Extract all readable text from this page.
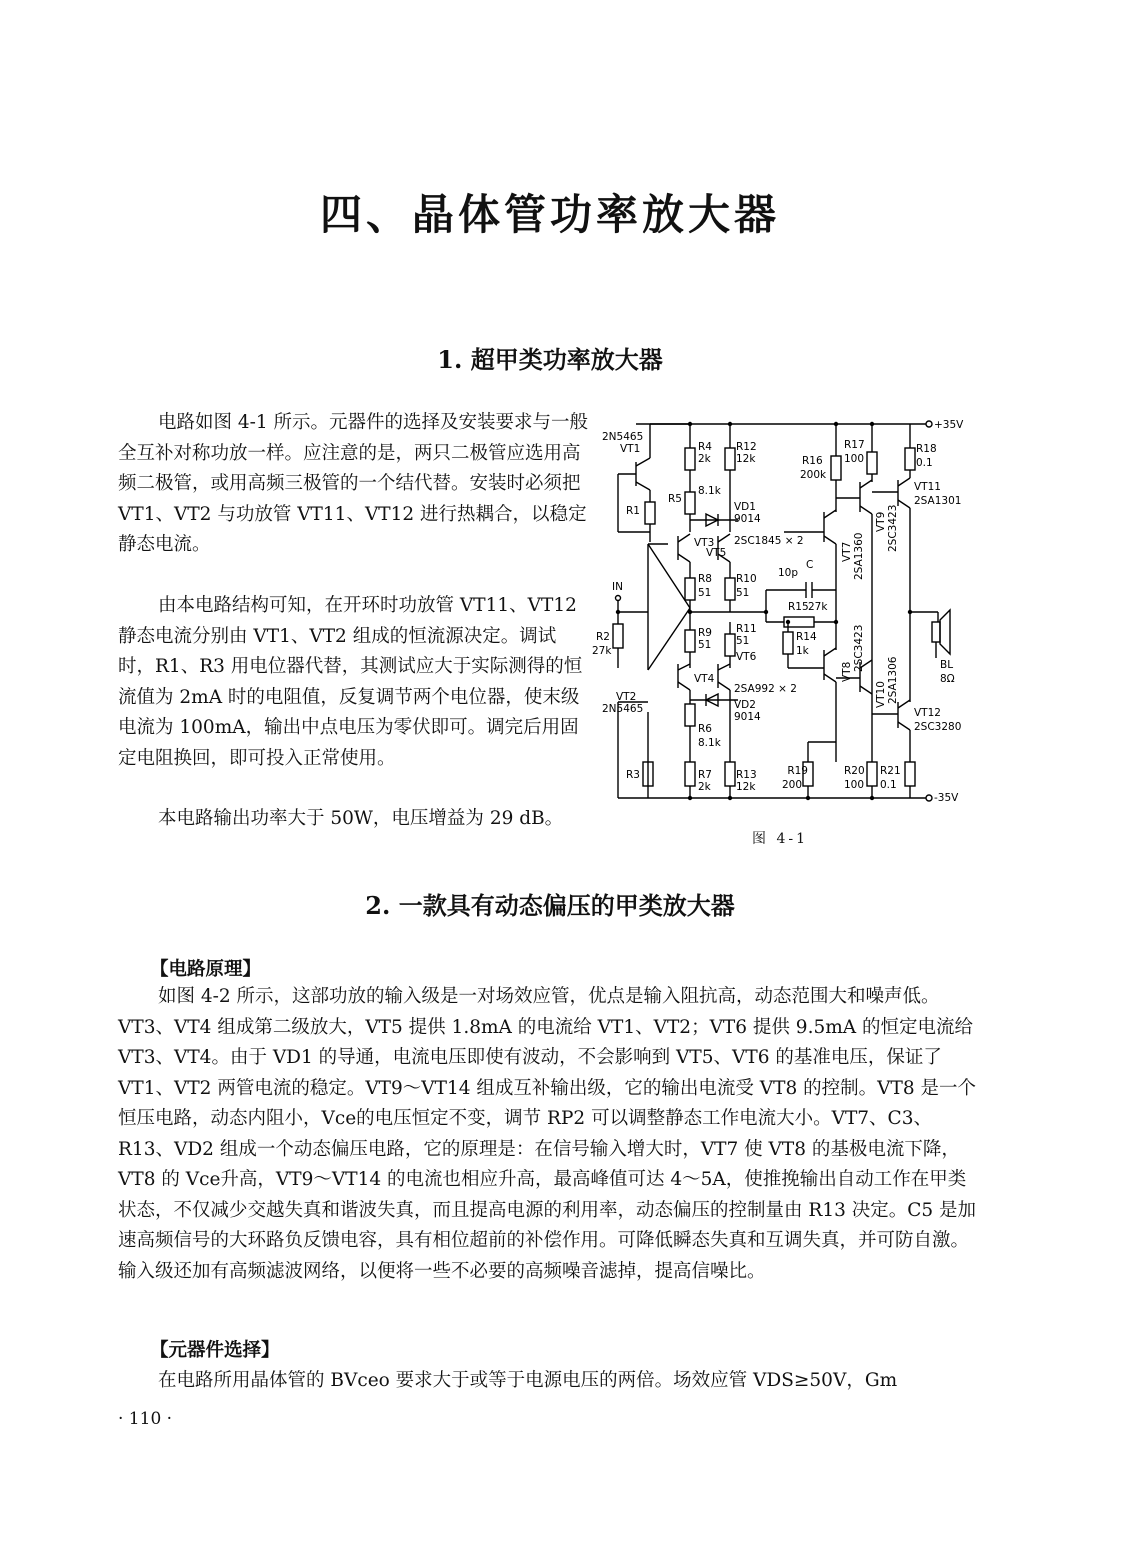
四、晶体管功率放大器
1. 超甲类功率放大器

电路如图 4-1 所示。元器件的选择及安装要求与一般全互补对称功放一样。应注意的是，两只二极管应选用高频二极管，或用高频三极管的一个结代替。安装时必须把 VT1、VT2 与功放管 VT11、VT12 进行热耦合，以稳定静态电流。

由本电路结构可知，在开环时功放管 VT11、VT12 静态电流分别由 VT1、VT2 组成的恒流源决定。调试时，R1、R3 用电位器代替，其测试应大于实际测得的恒流值为 2mA 时的电阻值，反复调节两个电位器，使末级电流为 100mA，输出中点电压为零伏即可。调完后用固定电阻换回，即可投入正常使用。

本电路输出功率大于 50W，电压增益为 29 dB。

+35V
-35V
IN
2N5465
VT1
R1
R2
27k
VT2
2N5465
R3
R4
2k
R5
8.1k
R12
12k
VD1
9014
VT3
VT5
2SC1845 × 2
R8
51
R10
51
R9
51
R11
51
VT6
VT4
2SA992 × 2
VD2
9014
R6
8.1k
R7
2k
R13
12k
10p
C
R15 27k
R14
1k
R16
200k
R17
100
R18
0.1
VT11
2SA1301
VT7 2SA1360
VT9 2SC3423
VT8 2SC3423
VT10 2SA1306
VT12
2SC3280
BL
8Ω
R19
200
R20
100
R21
0.1
图 4-1
2. 一款具有动态偏压的甲类放大器
【电路原理】

如图 4-2 所示，这部功放的输入级是一对场效应管，优点是输入阻抗高，动态范围大和噪声低。VT3、VT4 组成第二级放大，VT5 提供 1.8mA 的电流给 VT1、VT2；VT6 提供 9.5mA 的恒定电流给 VT3、VT4。由于 VD1 的导通，电流电压即使有波动，不会影响到 VT5、VT6 的基准电压，保证了 VT1、VT2 两管电流的稳定。VT9～VT14 组成互补输出级，它的输出电流受 VT8 的控制。VT8 是一个恒压电路，动态内阻小，Vce的电压恒定不变，调节 RP2 可以调整静态工作电流大小。VT7、C3、R13、VD2 组成一个动态偏压电路，它的原理是：在信号输入增大时，VT7 使 VT8 的基极电流下降，VT8 的 Vce升高，VT9～VT14 的电流也相应升高，最高峰值可达 4～5A，使推挽输出自动工作在甲类状态，不仅减少交越失真和谐波失真，而且提高电源的利用率，动态偏压的控制量由 R13 决定。C5 是加速高频信号的大环路负反馈电容，具有相位超前的补偿作用。可降低瞬态失真和互调失真，并可防自激。输入级还加有高频滤波网络，以便将一些不必要的高频噪音滤掉，提高信噪比。

【元器件选择】

在电路所用晶体管的 BVceo 要求大于或等于电源电压的两倍。场效应管 VDS≥50V，Gm

· 110 ·
